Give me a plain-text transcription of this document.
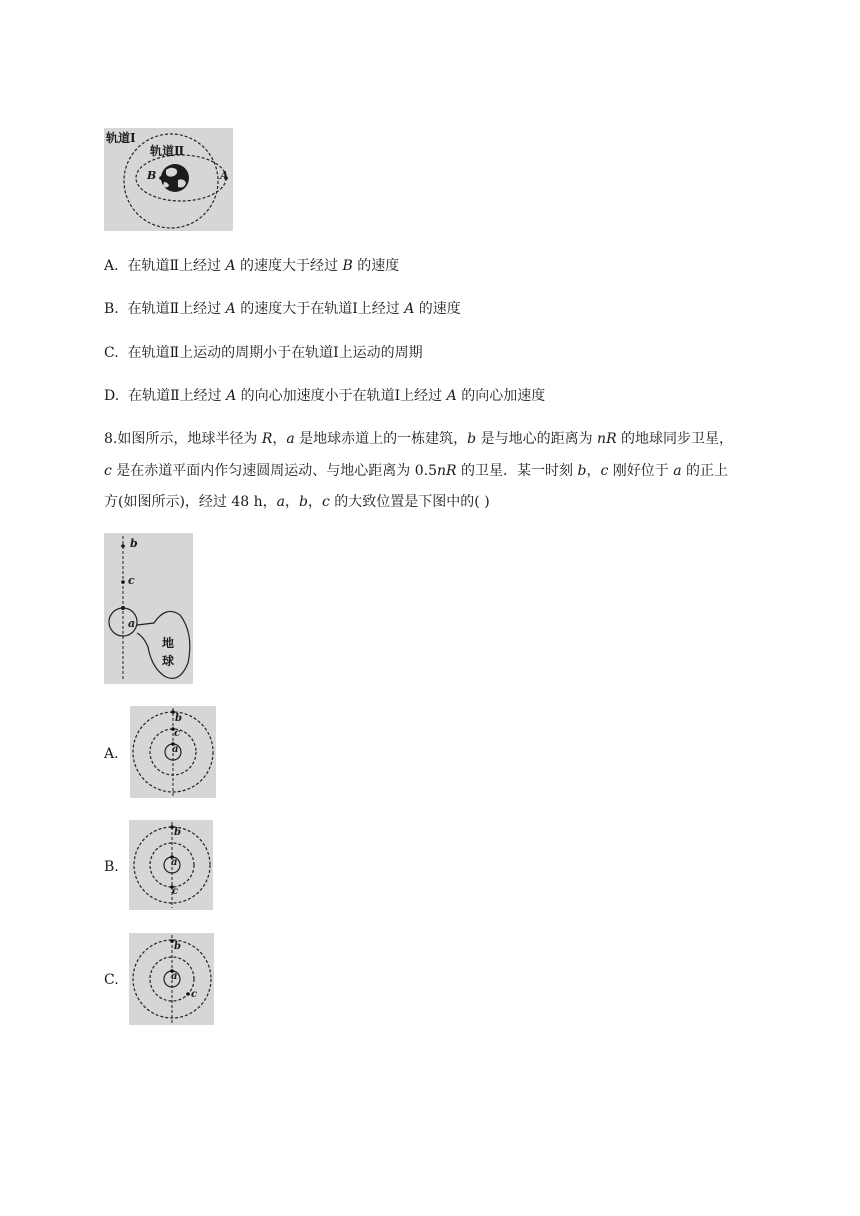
轨道Ⅰ
轨道Ⅱ
B	A
A. 在轨道Ⅱ上经过 A 的速度大于经过 B 的速度
B. 在轨道Ⅱ上经过 A 的速度大于在轨道Ⅰ上经过 A 的速度
C. 在轨道Ⅱ上运动的周期小于在轨道Ⅰ上运动的周期
D. 在轨道Ⅱ上经过 A 的向心加速度小于在轨道Ⅰ上经过 A 的向心加速度
8.如图所示，地球半径为 R，a 是地球赤道上的一栋建筑，b 是与地心的距离为 nR 的地球同步卫星，
c 是在赤道平面内作匀速圆周运动、与地心距离为 0.5nR 的卫星．某一时刻 b，c 刚好位于 a 的正上
方(如图所示)，经过 48 h，a，b，c 的大致位置是下图中的( )
b
c
a
地
球
A.
b
c
a
B.
b
a
c
C.
b
a
c
